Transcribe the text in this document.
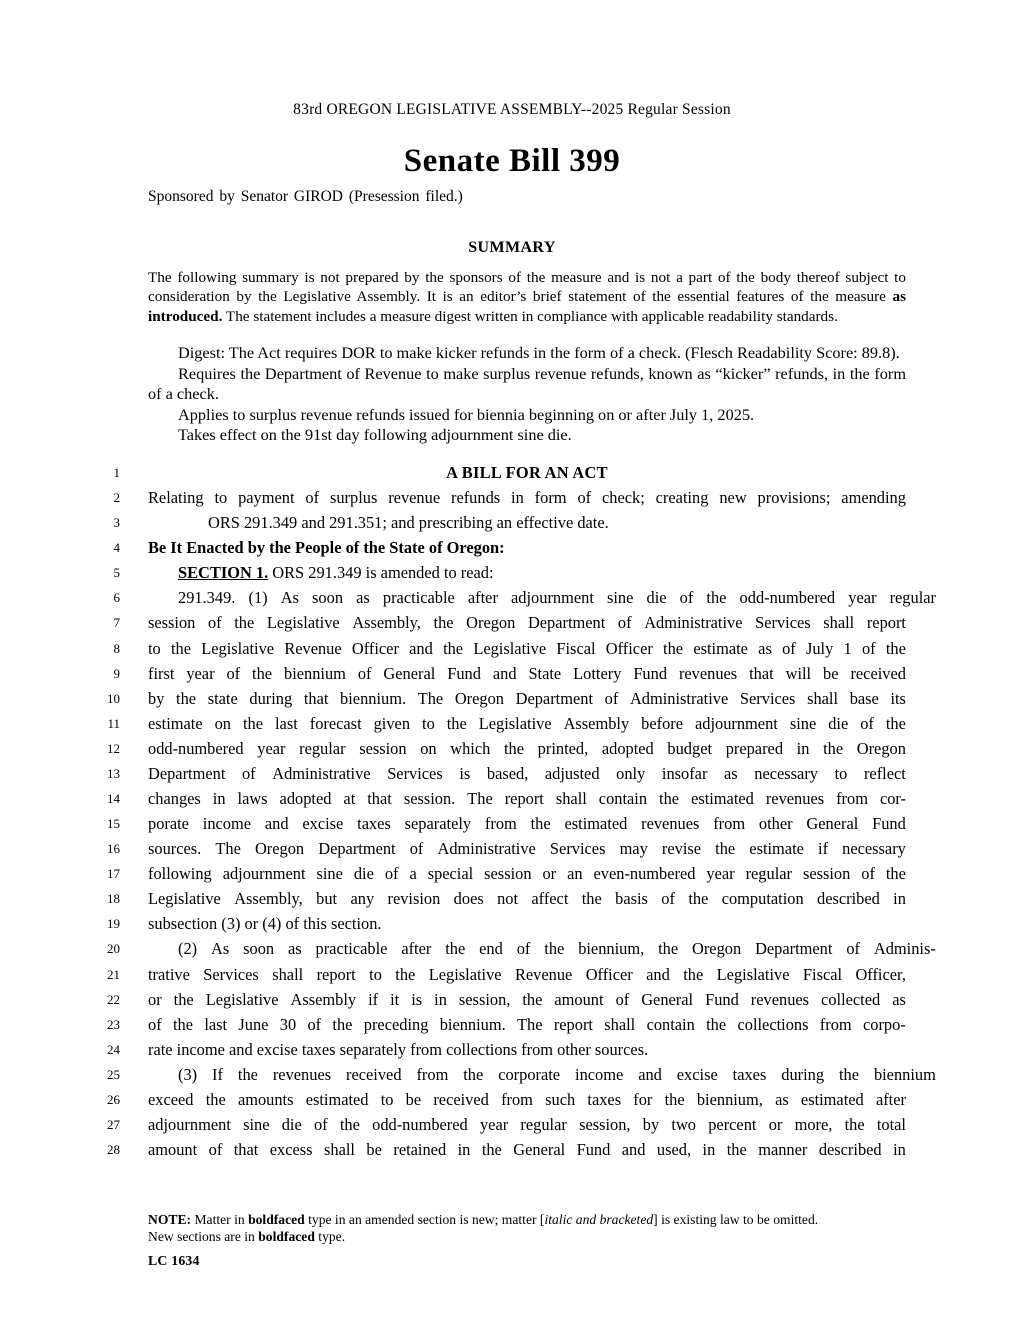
83rd OREGON LEGISLATIVE ASSEMBLY--2025 Regular Session
Senate Bill 399
Sponsored by Senator GIROD (Presession filed.)
SUMMARY

The following summary is not prepared by the sponsors of the measure and is not a part of the body thereof subject to consideration by the Legislative Assembly. It is an editor’s brief statement of the essential features of the measure as introduced. The statement includes a measure digest written in compliance with applicable readability standards.

Digest: The Act requires DOR to make kicker refunds in the form of a check. (Flesch Readability Score: 89.8).

Requires the Department of Revenue to make surplus revenue refunds, known as “kicker” refunds, in the form of a check.

Applies to surplus revenue refunds issued for biennia beginning on or after July 1, 2025.

Takes effect on the 91st day following adjournment sine die.

1	A BILL FOR AN ACT
2 Relating to payment of surplus revenue refunds in form of check; creating new provisions; amending
3	ORS 291.349 and 291.351; and prescribing an effective date.
4 Be It Enacted by the People of the State of Oregon:
5	SECTION 1. ORS 291.349 is amended to read:
6	291.349. (1) As soon as practicable after adjournment sine die of the odd-numbered year regular
7 session of the Legislative Assembly, the Oregon Department of Administrative Services shall report
8 to the Legislative Revenue Officer and the Legislative Fiscal Officer the estimate as of July 1 of the
9 first year of the biennium of General Fund and State Lottery Fund revenues that will be received
10 by the state during that biennium. The Oregon Department of Administrative Services shall base its
11 estimate on the last forecast given to the Legislative Assembly before adjournment sine die of the
12 odd-numbered year regular session on which the printed, adopted budget prepared in the Oregon
13 Department of Administrative Services is based, adjusted only insofar as necessary to reflect
14 changes in laws adopted at that session. The report shall contain the estimated revenues from cor-
15 porate income and excise taxes separately from the estimated revenues from other General Fund
16 sources. The Oregon Department of Administrative Services may revise the estimate if necessary
17 following adjournment sine die of a special session or an even-numbered year regular session of the
18 Legislative Assembly, but any revision does not affect the basis of the computation described in
19 subsection (3) or (4) of this section.
20	(2) As soon as practicable after the end of the biennium, the Oregon Department of Adminis-
21 trative Services shall report to the Legislative Revenue Officer and the Legislative Fiscal Officer,
22 or the Legislative Assembly if it is in session, the amount of General Fund revenues collected as
23 of the last June 30 of the preceding biennium. The report shall contain the collections from corpo-
24 rate income and excise taxes separately from collections from other sources.
25	(3) If the revenues received from the corporate income and excise taxes during the biennium
26 exceed the amounts estimated to be received from such taxes for the biennium, as estimated after
27 adjournment sine die of the odd-numbered year regular session, by two percent or more, the total
28 amount of that excess shall be retained in the General Fund and used, in the manner described in

NOTE: Matter in boldfaced type in an amended section is new; matter [italic and bracketed] is existing law to be omitted.

New sections are in boldfaced type.

LC 1634
